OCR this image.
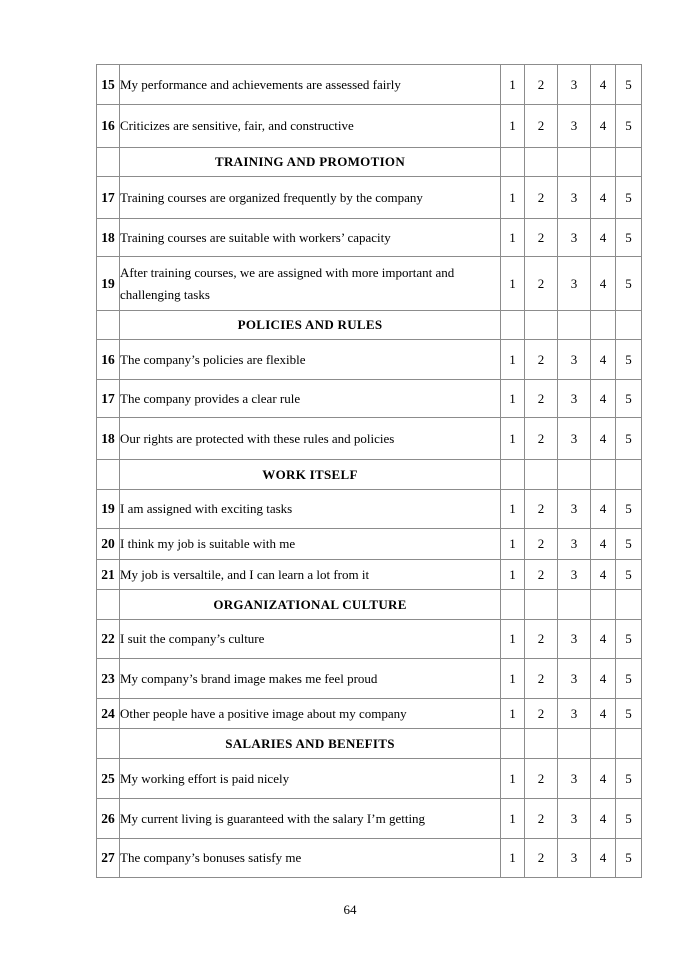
15	My performance and achievements are assessed fairly	1	2	3	4	5
16	Criticizes are sensitive, fair, and constructive	1	2	3	4	5
	TRAINING AND PROMOTION					
17	Training courses are organized frequently by the company	1	2	3	4	5
18	Training courses are suitable with workers’ capacity	1	2	3	4	5
19	After training courses, we are assigned with more important and challenging tasks	1	2	3	4	5
	POLICIES AND RULES					
16	The company’s policies are flexible	1	2	3	4	5
17	The company provides a clear rule	1	2	3	4	5
18	Our rights are protected with these rules and policies	1	2	3	4	5
	WORK ITSELF					
19	I am assigned with exciting tasks	1	2	3	4	5
20	I think my job is suitable with me	1	2	3	4	5
21	My job is versaltile, and I can learn a lot from it	1	2	3	4	5
	ORGANIZATIONAL CULTURE					
22	I suit the company’s culture	1	2	3	4	5
23	My company’s brand image makes me feel proud	1	2	3	4	5
24	Other people have a positive image about my company	1	2	3	4	5
	SALARIES AND BENEFITS					
25	My working effort is paid nicely	1	2	3	4	5
26	My current living is guaranteed with the salary I’m getting	1	2	3	4	5
27	The company’s bonuses satisfy me	1	2	3	4	5
64
